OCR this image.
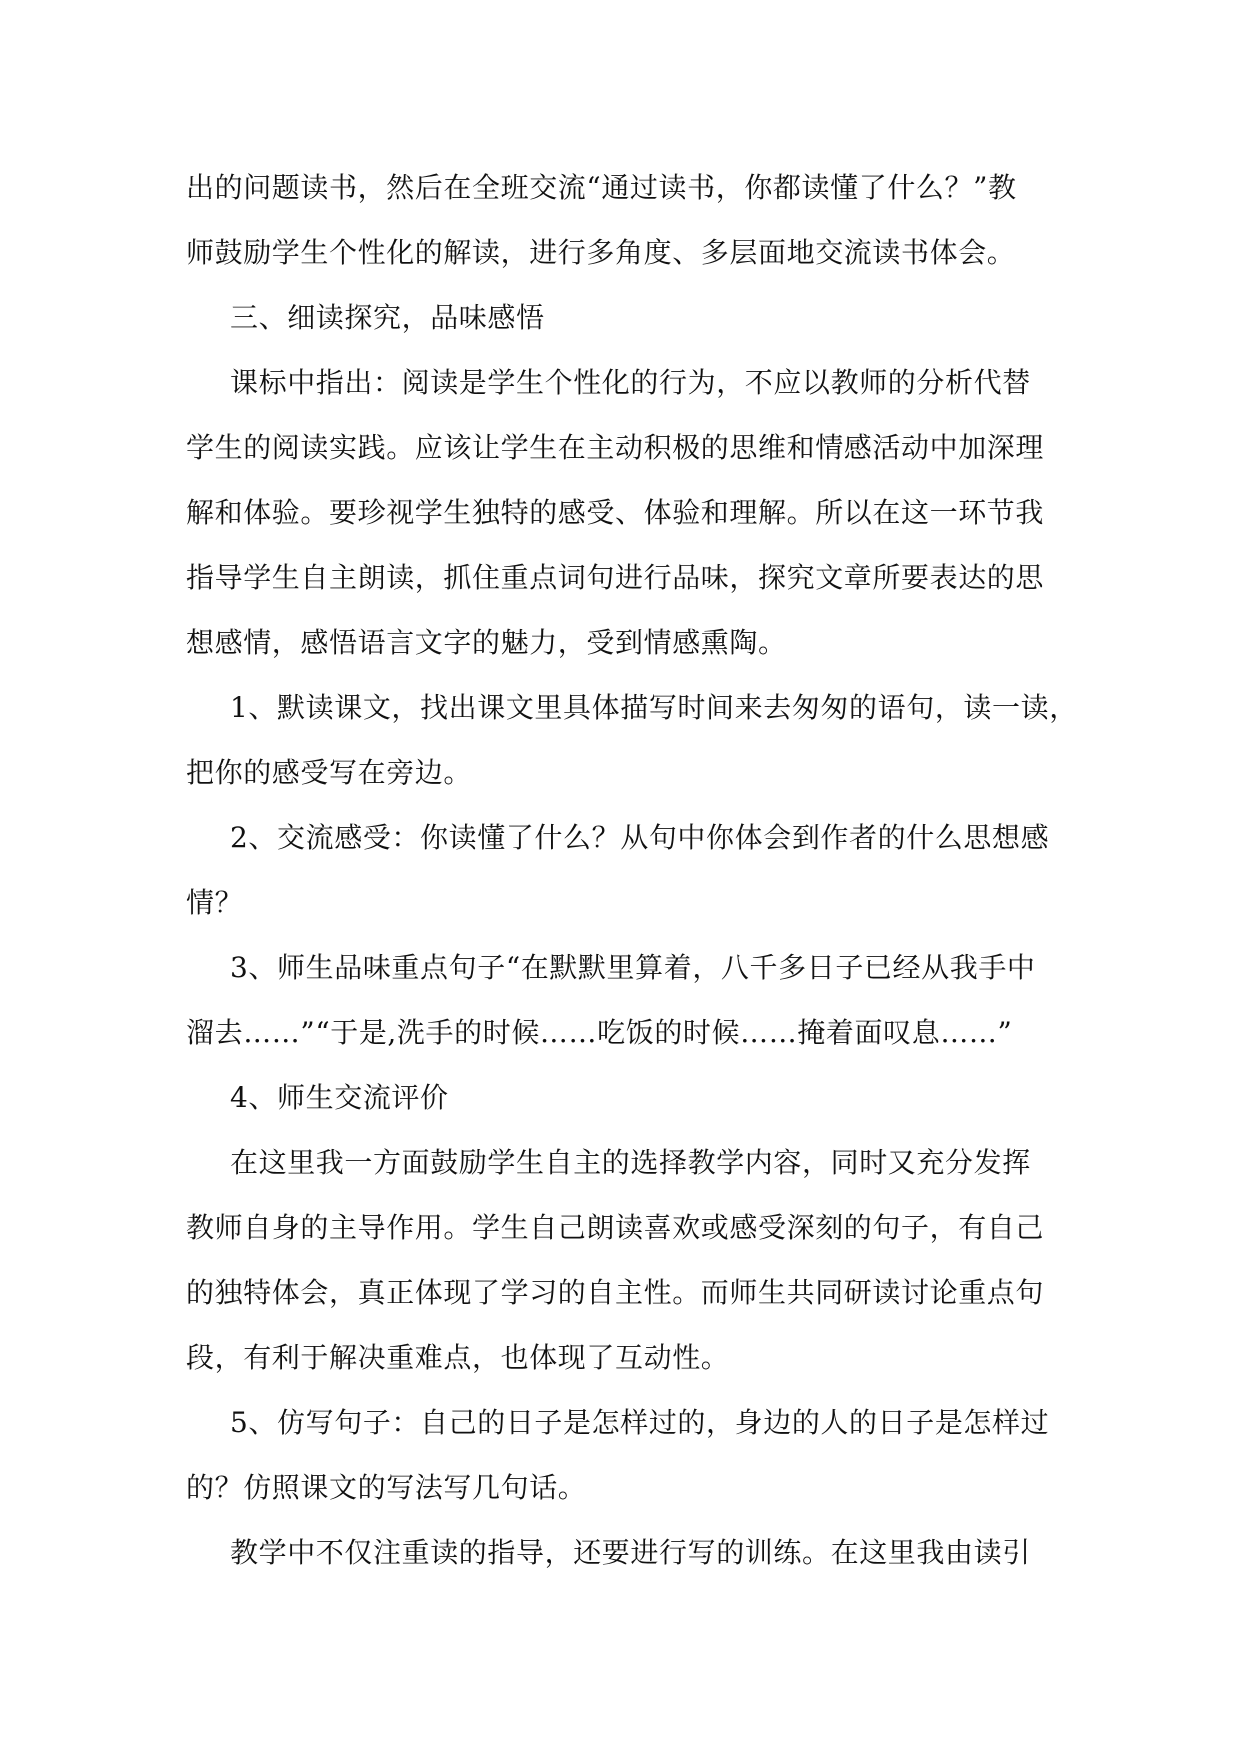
出的问题读书，然后在全班交流“通过读书，你都读懂了什么？”教
师鼓励学生个性化的解读，进行多角度、多层面地交流读书体会。
三、细读探究，品味感悟
课标中指出：阅读是学生个性化的行为，不应以教师的分析代替
学生的阅读实践。应该让学生在主动积极的思维和情感活动中加深理
解和体验。要珍视学生独特的感受、体验和理解。所以在这一环节我
指导学生自主朗读，抓住重点词句进行品味，探究文章所要表达的思
想感情，感悟语言文字的魅力，受到情感熏陶。
1、默读课文，找出课文里具体描写时间来去匆匆的语句，读一读，
把你的感受写在旁边。
2、交流感受：你读懂了什么？从句中你体会到作者的什么思想感
情？
3、师生品味重点句子“在默默里算着，八千多日子已经从我手中
溜去……”“于是,洗手的时候……吃饭的时候……掩着面叹息……”
4、师生交流评价
在这里我一方面鼓励学生自主的选择教学内容，同时又充分发挥
教师自身的主导作用。学生自己朗读喜欢或感受深刻的句子，有自己
的独特体会，真正体现了学习的自主性。而师生共同研读讨论重点句
段，有利于解决重难点，也体现了互动性。
5、仿写句子：自己的日子是怎样过的，身边的人的日子是怎样过
的？仿照课文的写法写几句话。
教学中不仅注重读的指导，还要进行写的训练。在这里我由读引
